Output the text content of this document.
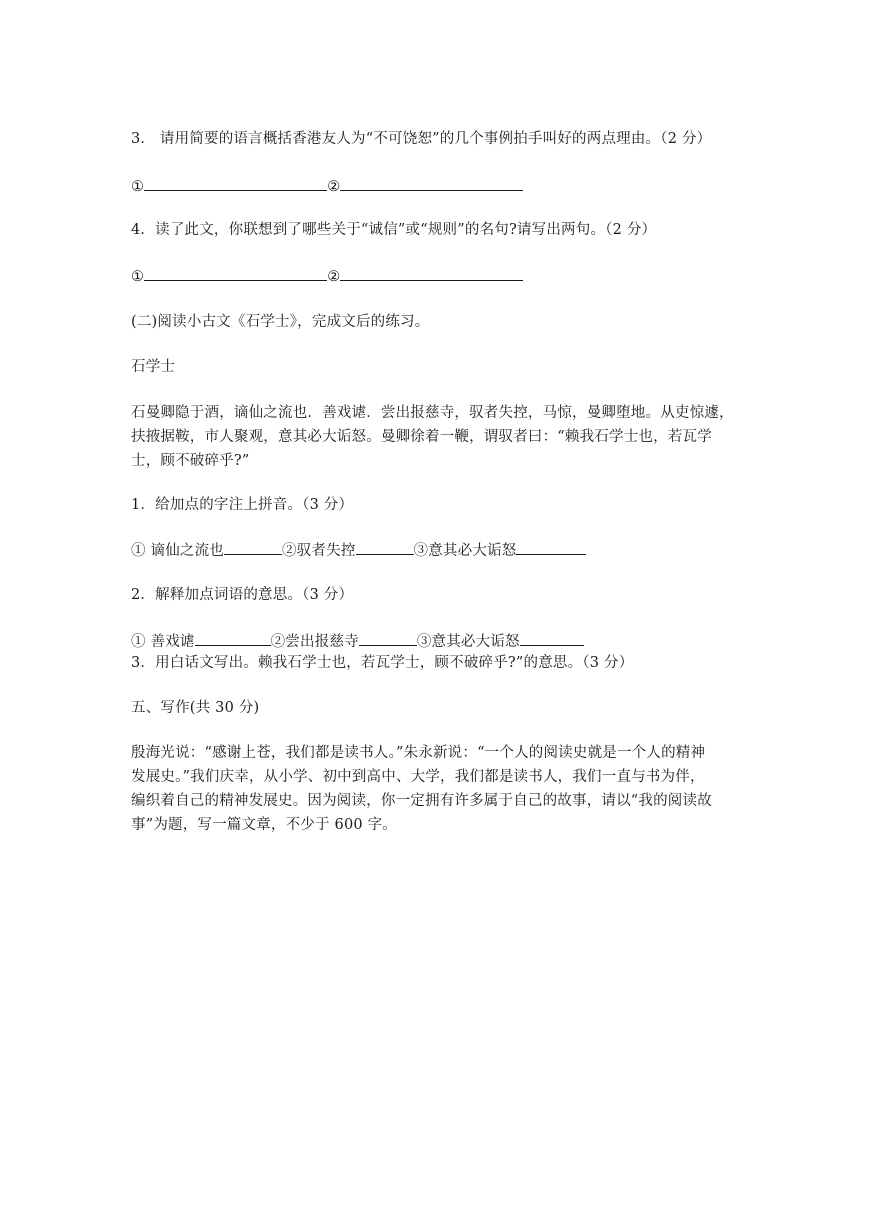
3． 请用简要的语言概括香港友人为“不可饶恕”的几个事例拍手叫好的两点理由。（2 分）
①	②
4．读了此文，你联想到了哪些关于“诚信”或“规则”的名句?请写出两句。（2 分）
①	②
(二)阅读小古文《石学士》，完成文后的练习。
石学士
石曼卿隐于酒，谪仙之流也．善戏谑．尝出报慈寺，驭者失控，马惊，曼卿堕地。从吏惊遽，
扶掖据鞍，市人聚观，意其必大诟怒。曼卿徐着一鞭，谓驭者曰：“赖我石学士也，若瓦学
士，顾不破碎乎?”
1．给加点的字注上拼音。（3 分）
① 谪仙之流也	②驭者失控	③意其必大诟怒
2．解释加点词语的意思。（3 分）
① 善戏谑	②尝出报慈寺	③意其必大诟怒
3．用白话文写出。赖我石学士也，若瓦学士，顾不破碎乎?”的意思。（3 分）
五、写作(共 30 分)
殷海光说：“感谢上苍，我们都是读书人。”朱永新说：“一个人的阅读史就是一个人的精神
发展史。”我们庆幸，从小学、初中到高中、大学，我们都是读书人，我们一直与书为伴，
编织着自己的精神发展史。因为阅读，你一定拥有许多属于自己的故事，请以“我的阅读故
事”为题，写一篇文章，不少于 600 字。
